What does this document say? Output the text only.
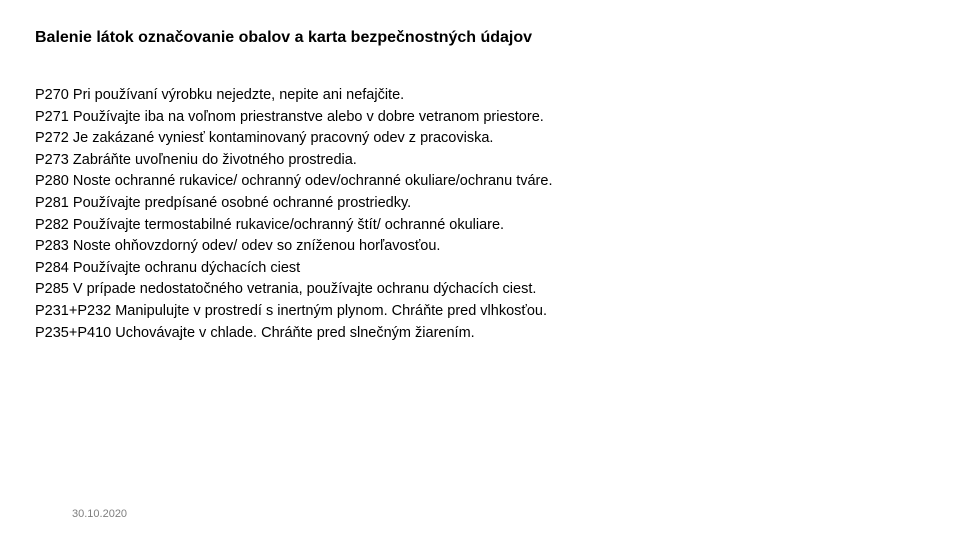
Balenie látok označovanie obalov a karta bezpečnostných údajov
P270 Pri používaní výrobku nejedzte, nepite ani nefajčite.
P271 Používajte iba na voľnom priestranstve alebo v dobre vetranom priestore.
P272 Je zakázané vyniesť kontaminovaný pracovný odev z pracoviska.
P273 Zabráňte uvoľneniu do životného prostredia.
P280 Noste ochranné rukavice/ ochranný odev/ochranné okuliare/ochranu tváre.
P281 Používajte predpísané osobné ochranné prostriedky.
P282 Používajte termostabilné rukavice/ochranný štít/ ochranné okuliare.
P283 Noste ohňovzdorný odev/ odev so zníženou horľavosťou.
P284 Používajte ochranu dýchacích ciest
P285 V prípade nedostatočného vetrania, používajte ochranu dýchacích ciest.
P231+P232 Manipulujte v prostredí s inertným plynom. Chráňte pred vlhkosťou.
P235+P410 Uchovávajte v chlade. Chráňte pred slnečným žiarením.
30.10.2020
